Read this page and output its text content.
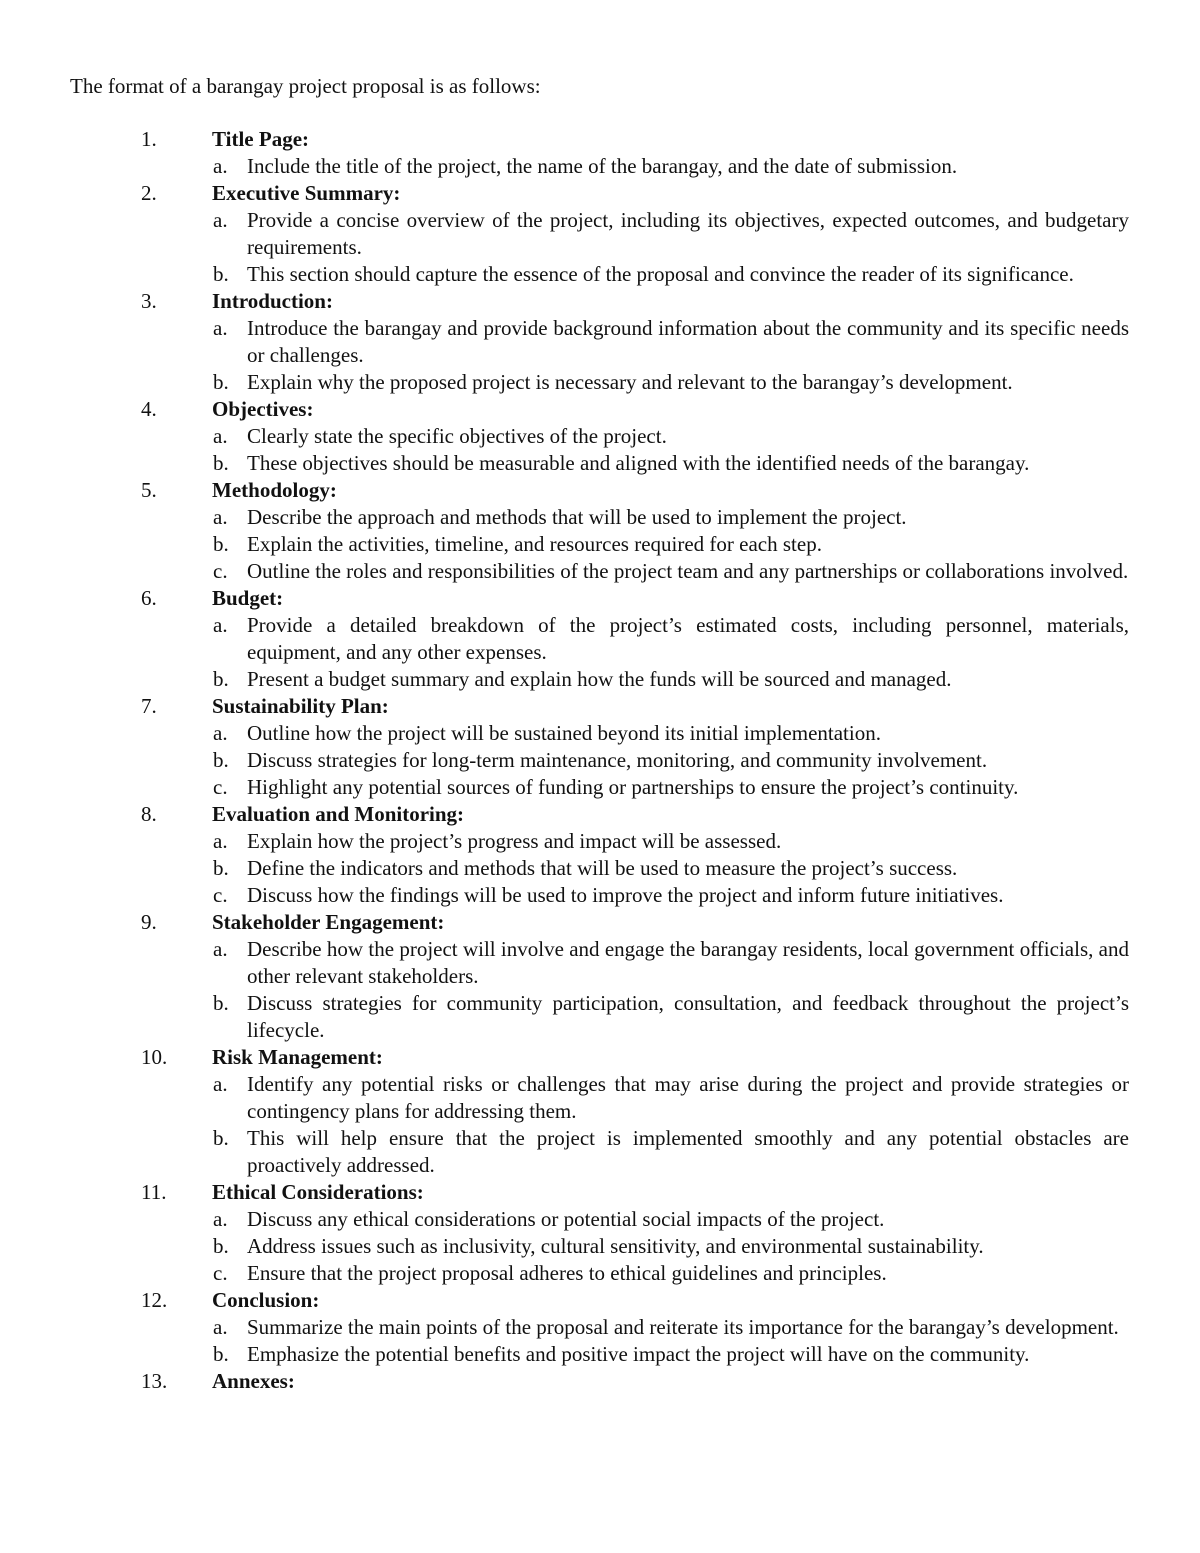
The format of a barangay project proposal is as follows:
1.	Title Page:
a. Include the title of the project, the name of the barangay, and the date of submission.
2.	Executive Summary:
a. Provide a concise overview of the project, including its objectives, expected outcomes, and budgetary requirements.
b. This section should capture the essence of the proposal and convince the reader of its significance.
3.	Introduction:
a. Introduce the barangay and provide background information about the community and its specific needs or challenges.
b. Explain why the proposed project is necessary and relevant to the barangay’s development.
4.	Objectives:
a. Clearly state the specific objectives of the project.
b. These objectives should be measurable and aligned with the identified needs of the barangay.
5.	Methodology:
a. Describe the approach and methods that will be used to implement the project.
b. Explain the activities, timeline, and resources required for each step.
c. Outline the roles and responsibilities of the project team and any partnerships or collaborations involved.
6.	Budget:
a. Provide a detailed breakdown of the project’s estimated costs, including personnel, materials, equipment, and any other expenses.
b. Present a budget summary and explain how the funds will be sourced and managed.
7.	Sustainability Plan:
a. Outline how the project will be sustained beyond its initial implementation.
b. Discuss strategies for long-term maintenance, monitoring, and community involvement.
c. Highlight any potential sources of funding or partnerships to ensure the project’s continuity.
8.	Evaluation and Monitoring:
a. Explain how the project’s progress and impact will be assessed.
b. Define the indicators and methods that will be used to measure the project’s success.
c. Discuss how the findings will be used to improve the project and inform future initiatives.
9.	Stakeholder Engagement:
a. Describe how the project will involve and engage the barangay residents, local government officials, and other relevant stakeholders.
b. Discuss strategies for community participation, consultation, and feedback throughout the project’s lifecycle.
10. Risk Management:
a. Identify any potential risks or challenges that may arise during the project and provide strategies or contingency plans for addressing them.
b. This will help ensure that the project is implemented smoothly and any potential obstacles are proactively addressed.
11. Ethical Considerations:
a. Discuss any ethical considerations or potential social impacts of the project.
b. Address issues such as inclusivity, cultural sensitivity, and environmental sustainability.
c. Ensure that the project proposal adheres to ethical guidelines and principles.
12. Conclusion:
a. Summarize the main points of the proposal and reiterate its importance for the barangay’s development.
b. Emphasize the potential benefits and positive impact the project will have on the community.
13. Annexes:
